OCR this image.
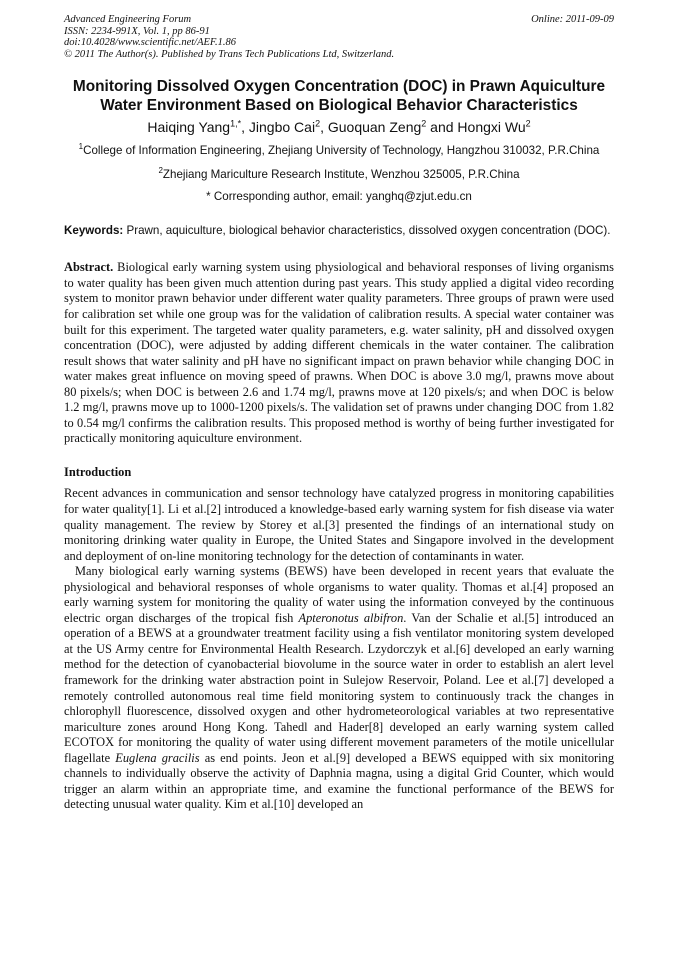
Advanced Engineering Forum
ISSN: 2234-991X, Vol. 1, pp 86-91
doi:10.4028/www.scientific.net/AEF.1.86
© 2011 The Author(s). Published by Trans Tech Publications Ltd, Switzerland.
Online: 2011-09-09
Monitoring Dissolved Oxygen Concentration (DOC) in Prawn Aquiculture
Water Environment Based on Biological Behavior Characteristics
Haiqing Yang$^{1,*}$, Jingbo Cai$^2$, Guoquan Zeng$^2$ and Hongxi Wu$^2$
$^1$College of Information Engineering, Zhejiang University of Technology, Hangzhou 310032, P.R.China
$^2$Zhejiang Mariculture Research Institute, Wenzhou 325005, P.R.China
* Corresponding author, email: yanghq@zjut.edu.cn
Keywords: Prawn, aquiculture, biological behavior characteristics, dissolved oxygen concentration (DOC).
Abstract. Biological early warning system using physiological and behavioral responses of living organisms to water quality has been given much attention during past years. This study applied a digital video recording system to monitor prawn behavior under different water quality parameters. Three groups of prawn were used for calibration set while one group was for the validation of calibration results. A special water container was built for this experiment. The targeted water quality parameters, e.g. water salinity, pH and dissolved oxygen concentration (DOC), were adjusted by adding different chemicals in the water container. The calibration result shows that water salinity and pH have no significant impact on prawn behavior while changing DOC in water makes great influence on moving speed of prawns. When DOC is above 3.0 mg/l, prawns move about 80 pixels/s; when DOC is between 2.6 and 1.74 mg/l, prawns move at 120 pixels/s; and when DOC is below 1.2 mg/l, prawns move up to 1000-1200 pixels/s. The validation set of prawns under changing DOC from 1.82 to 0.54 mg/l confirms the calibration results. This proposed method is worthy of being further investigated for practically monitoring aquiculture environment.
Introduction
Recent advances in communication and sensor technology have catalyzed progress in monitoring capabilities for water quality[1]. Li et al.[2] introduced a knowledge-based early warning system for fish disease via water quality management. The review by Storey et al.[3] presented the findings of an international study on monitoring drinking water quality in Europe, the United States and Singapore involved in the development and deployment of on-line monitoring technology for the detection of contaminants in water.
Many biological early warning systems (BEWS) have been developed in recent years that evaluate the physiological and behavioral responses of whole organisms to water quality. Thomas et al.[4] proposed an early warning system for monitoring the quality of water using the information conveyed by the continuous electric organ discharges of the tropical fish Apteronotus albifron. Van der Schalie et al.[5] introduced an operation of a BEWS at a groundwater treatment facility using a fish ventilator monitoring system developed at the US Army centre for Environmental Health Research. Lzydorczyk et al.[6] developed an early warning method for the detection of cyanobacterial biovolume in the source water in order to establish an alert level framework for the drinking water abstraction point in Sulejow Reservoir, Poland. Lee et al.[7] developed a remotely controlled autonomous real time field monitoring system to continuously track the changes in chlorophyll fluorescence, dissolved oxygen and other hydrometeorological variables at two representative mariculture zones around Hong Kong. Tahedl and Hader[8] developed an early warning system called ECOTOX for monitoring the quality of water using different movement parameters of the motile unicellular flagellate Euglena gracilis as end points. Jeon et al.[9] developed a BEWS equipped with six monitoring channels to individually observe the activity of Daphnia magna, using a digital Grid Counter, which would trigger an alarm within an appropriate time, and examine the functional performance of the BEWS for detecting unusual water quality. Kim et al.[10] developed an
